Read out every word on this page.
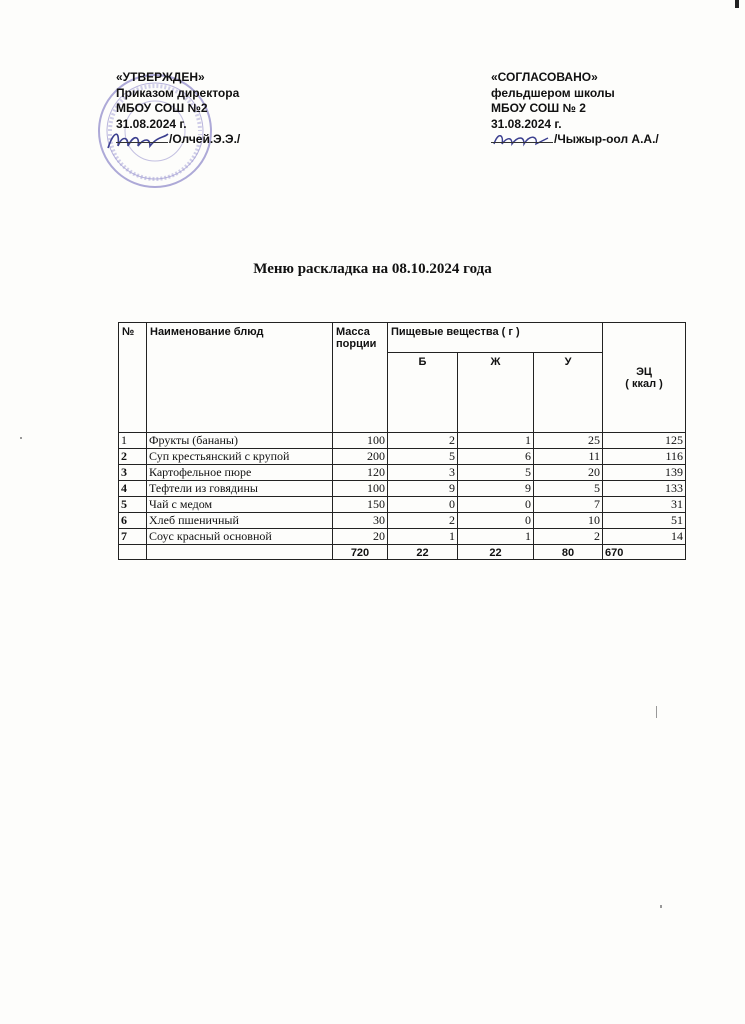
«УТВЕРЖДЕН»
Приказом директора
МБОУ СОШ №2
31.08.2024 г.
/Олчей.Э.Э./
«СОГЛАСОВАНО»
фельдшером школы
МБОУ СОШ № 2
31.08.2024 г.
/Чыжыр-оол А.А./
Меню раскладка на 08.10.2024 года
№	Наименование блюд	Масса порции	Пищевые вещества ( г )			ЭЦ
( ккал )

			Б	Ж	У	
1	Фрукты (бананы)	100	2	1	25	125
2	Суп крестьянский с крупой	200	5	6	11	116
3	Картофельное пюре	120	3	5	20	139
4	Тефтели из говядины	100	9	9	5	133
5	Чай с медом	150	0	0	7	31
6	Хлеб пшеничный	30	2	0	10	51
7	Соус красный основной	20	1	1	2	14
		720	22	22	80	670
